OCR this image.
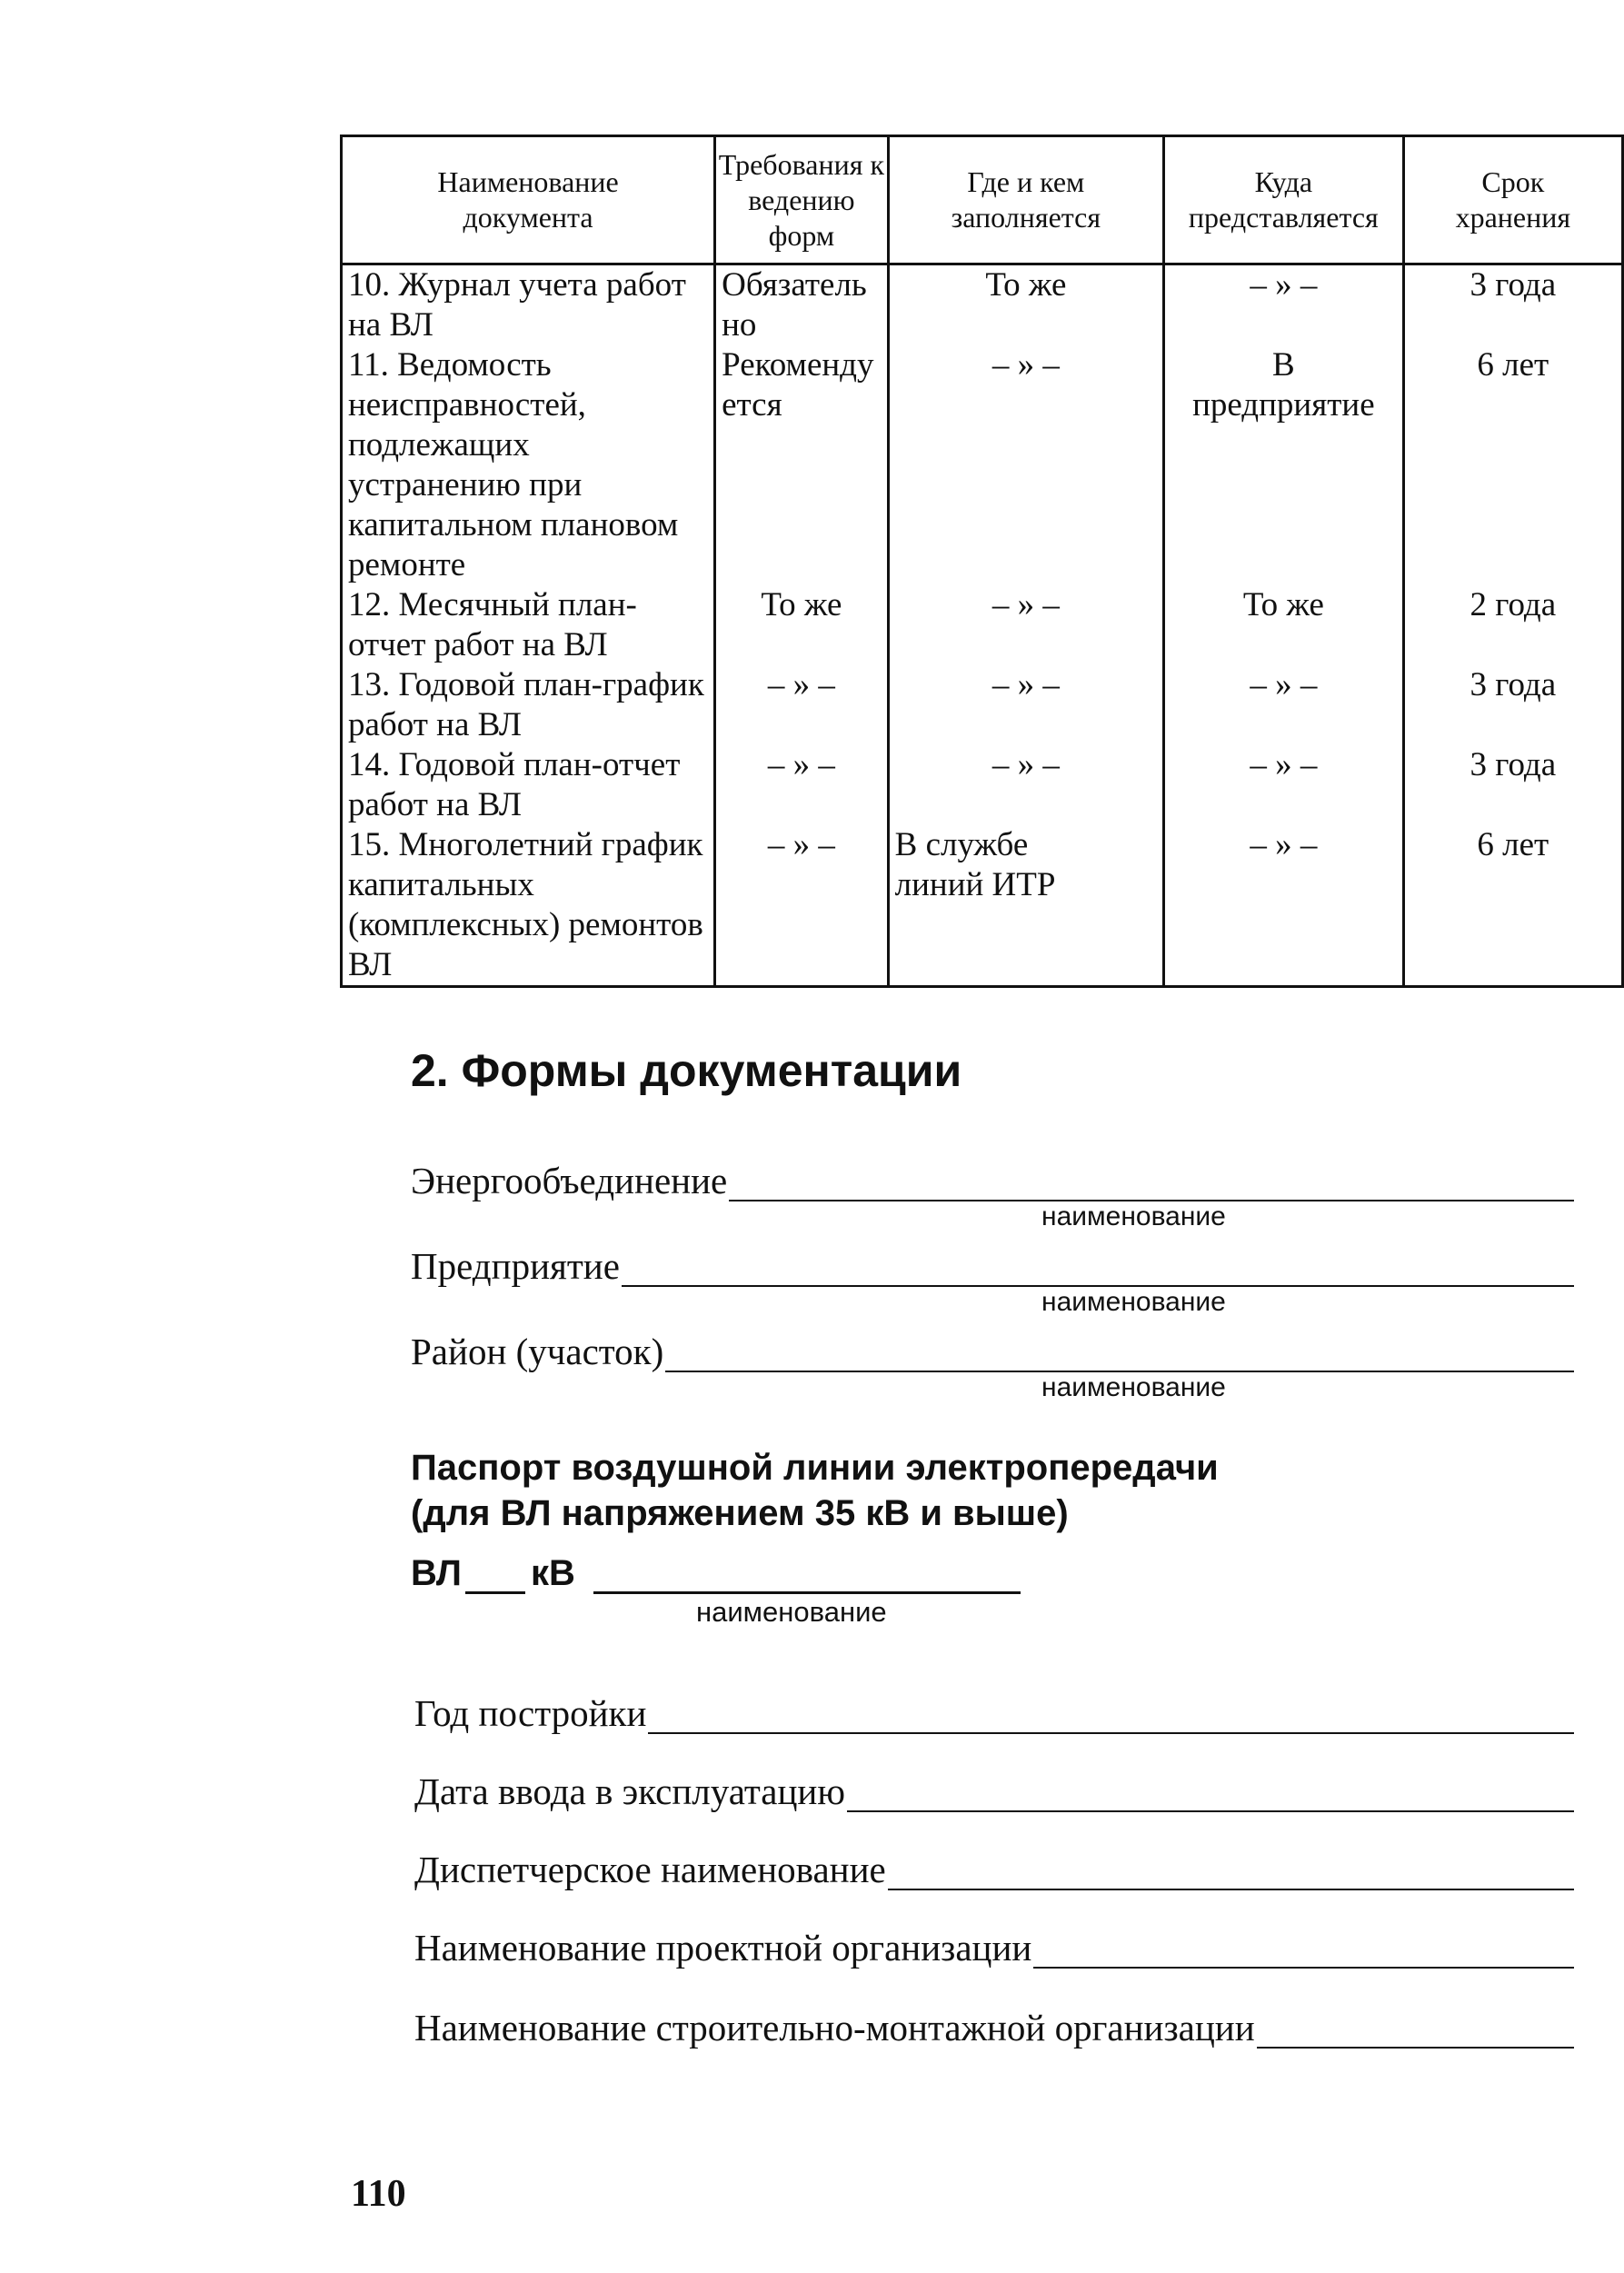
Наименование документа	Требования к ведению форм	Где и кем заполняется	Куда представляется	Срок хранения
10. Журнал учета работ на ВЛ	Обязательно	То же	– » –	3 года
11. Ведомость неисправностей, подлежащих устранению при капитальном плановом ремонте	Рекомендуется	– » –	В предприятие	6 лет
12. Месячный план-отчет работ на ВЛ	То же	– » –	То же	2 года
13. Годовой план-график работ на ВЛ	– » –	– » –	– » –	3 года
14. Годовой план-отчет работ на ВЛ	– » –	– » –	– » –	3 года
15. Многолетний график капитальных (комплексных) ремонтов ВЛ	– » –	В службе линий ИТР	– » –	6 лет
2. Формы документации
Энергообъединение
наименование
Предприятие
наименование
Район (участок)
наименование
Паспорт воздушной линии электропередачи
(для ВЛ напряжением 35 кВ и выше)
ВЛ кВ
наименование
Год постройки
Дата ввода в эксплуатацию
Диспетчерское наименование
Наименование проектной организации
Наименование строительно-монтажной организации
110
